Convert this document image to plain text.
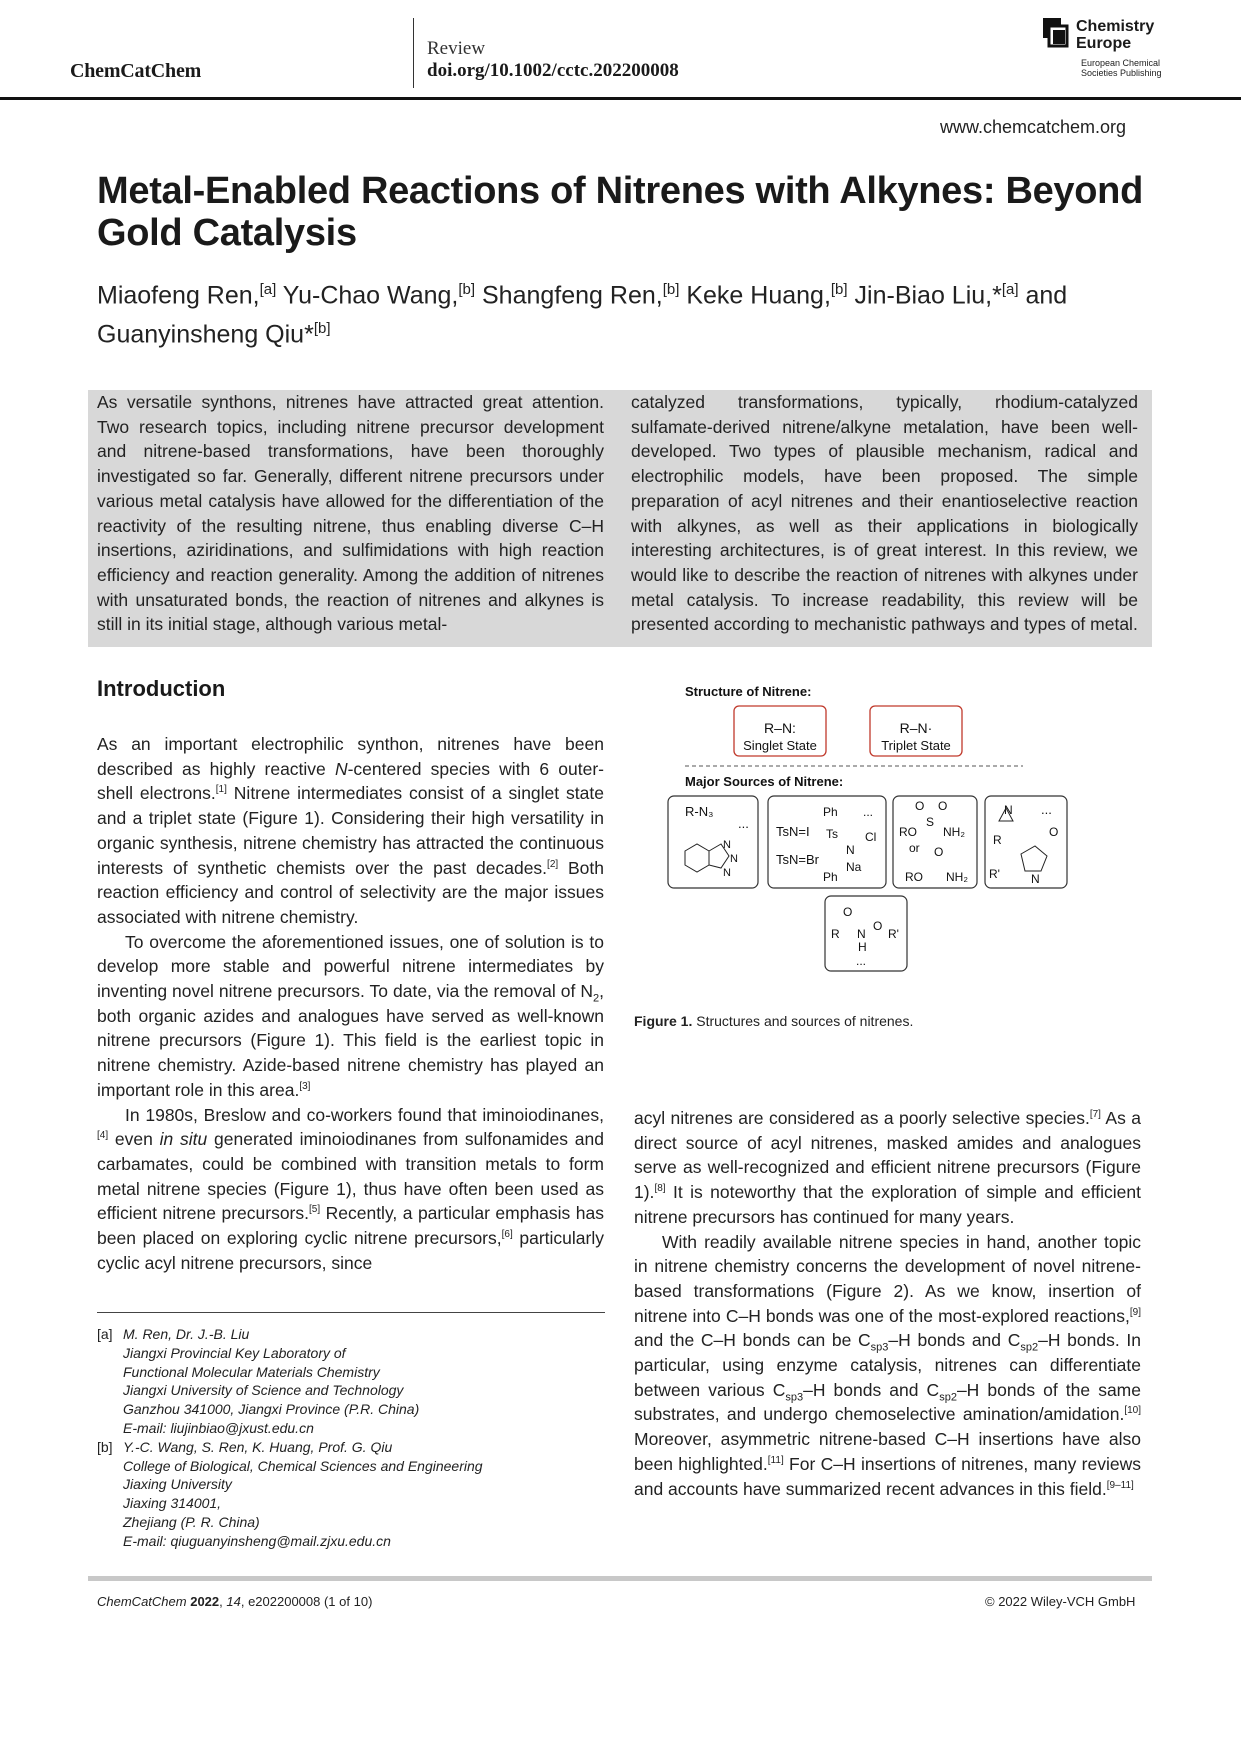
ChemCatChem
Review
doi.org/10.1002/cctc.202200008
Chemistry
Europe
European Chemical
Societies Publishing
www.chemcatchem.org
Metal-Enabled Reactions of Nitrenes with Alkynes: Beyond Gold Catalysis
Miaofeng Ren,[a] Yu-Chao Wang,[b] Shangfeng Ren,[b] Keke Huang,[b] Jin-Biao Liu,*[a] and
Guanyinsheng Qiu*[b]
As versatile synthons, nitrenes have attracted great attention. Two research topics, including nitrene precursor development and nitrene-based transformations, have been thoroughly investigated so far. Generally, different nitrene precursors under various metal catalysis have allowed for the differentiation of the reactivity of the resulting nitrene, thus enabling diverse C–H insertions, aziridinations, and sulfimidations with high reaction efficiency and reaction generality. Among the addition of nitrenes with unsaturated bonds, the reaction of nitrenes and alkynes is still in its initial stage, although various metal-
catalyzed transformations, typically, rhodium-catalyzed sulfamate-derived nitrene/alkyne metalation, have been well-developed. Two types of plausible mechanism, radical and electrophilic models, have been proposed. The simple preparation of acyl nitrenes and their enantioselective reaction with alkynes, as well as their applications in biologically interesting architectures, is of great interest. In this review, we would like to describe the reaction of nitrenes with alkynes under metal catalysis. To increase readability, this review will be presented according to mechanistic pathways and types of metal.
Introduction

As an important electrophilic synthon, nitrenes have been described as highly reactive N-centered species with 6 outer-shell electrons.[1] Nitrene intermediates consist of a singlet state and a triplet state (Figure 1). Considering their high versatility in organic synthesis, nitrene chemistry has attracted the continuous interests of synthetic chemists over the past decades.[2] Both reaction efficiency and control of selectivity are the major issues associated with nitrene chemistry.

To overcome the aforementioned issues, one of solution is to develop more stable and powerful nitrene intermediates by inventing novel nitrene precursors. To date, via the removal of $N_2$, both organic azides and analogues have served as well-known nitrene precursors (Figure 1). This field is the earliest topic in nitrene chemistry. Azide-based nitrene chemistry has played an important role in this area.[3]

In 1980s, Breslow and co-workers found that iminoiodinanes,[4] even in situ generated iminoiodinanes from sulfonamides and carbamates, could be combined with transition metals to form metal nitrene species (Figure 1), thus have often been used as efficient nitrene precursors.[5] Recently, a particular emphasis has been placed on exploring cyclic nitrene precursors,[6] particularly cyclic acyl nitrene precursors, since

acyl nitrenes are considered as a poorly selective species.[7] As a direct source of acyl nitrenes, masked amides and analogues serve as well-recognized and efficient nitrene precursors (Figure 1).[8] It is noteworthy that the exploration of simple and efficient nitrene precursors has continued for many years.

With readily available nitrene species in hand, another topic in nitrene chemistry concerns the development of novel nitrene-based transformations (Figure 2). As we know, insertion of nitrene into C–H bonds was one of the most-explored reactions,[9] and the C–H bonds can be $C_{sp3}-H$ bonds and $C_{sp2}-H$ bonds. In particular, using enzyme catalysis, nitrenes can differentiate between various $C_{sp3}-H$ bonds and $C_{sp2}-H$ bonds of the same substrates, and undergo chemoselective amination/amidation.[10] Moreover, asymmetric nitrene-based C–H insertions have also been highlighted.[11] For C–H insertions of nitrenes, many reviews and accounts have summarized recent advances in this field.[9–11]

[a] M. Ren, Dr. J.-B. Liu
Jiangxi Provincial Key Laboratory of
Functional Molecular Materials Chemistry
Jiangxi University of Science and Technology
Ganzhou 341000, Jiangxi Province (P.R. China)
E-mail: liujinbiao@jxust.edu.cn
[b] Y.-C. Wang, S. Ren, K. Huang, Prof. G. Qiu
College of Biological, Chemical Sciences and Engineering
Jiaxing University
Jiaxing 314001,
Zhejiang (P. R. China)
E-mail: qiuguanyinsheng@mail.zjxu.edu.cn
Structure of Nitrene:
R–N:
Singlet State
R–N·
Triplet State
Major Sources of Nitrene:
R-N₃
...
N
N
N
Ph ...
TsN=I Ts
N
Cl
TsN=Br Na
Ph
O O
S
RO NH₂
or O
RO NH₂
N ...
R
R'
O
N
O
R N
O
R'
H
...
Figure 1. Structures and sources of nitrenes.
ChemCatChem 2022, 14, e202200008 (1 of 10)	© 2022 Wiley-VCH GmbH
